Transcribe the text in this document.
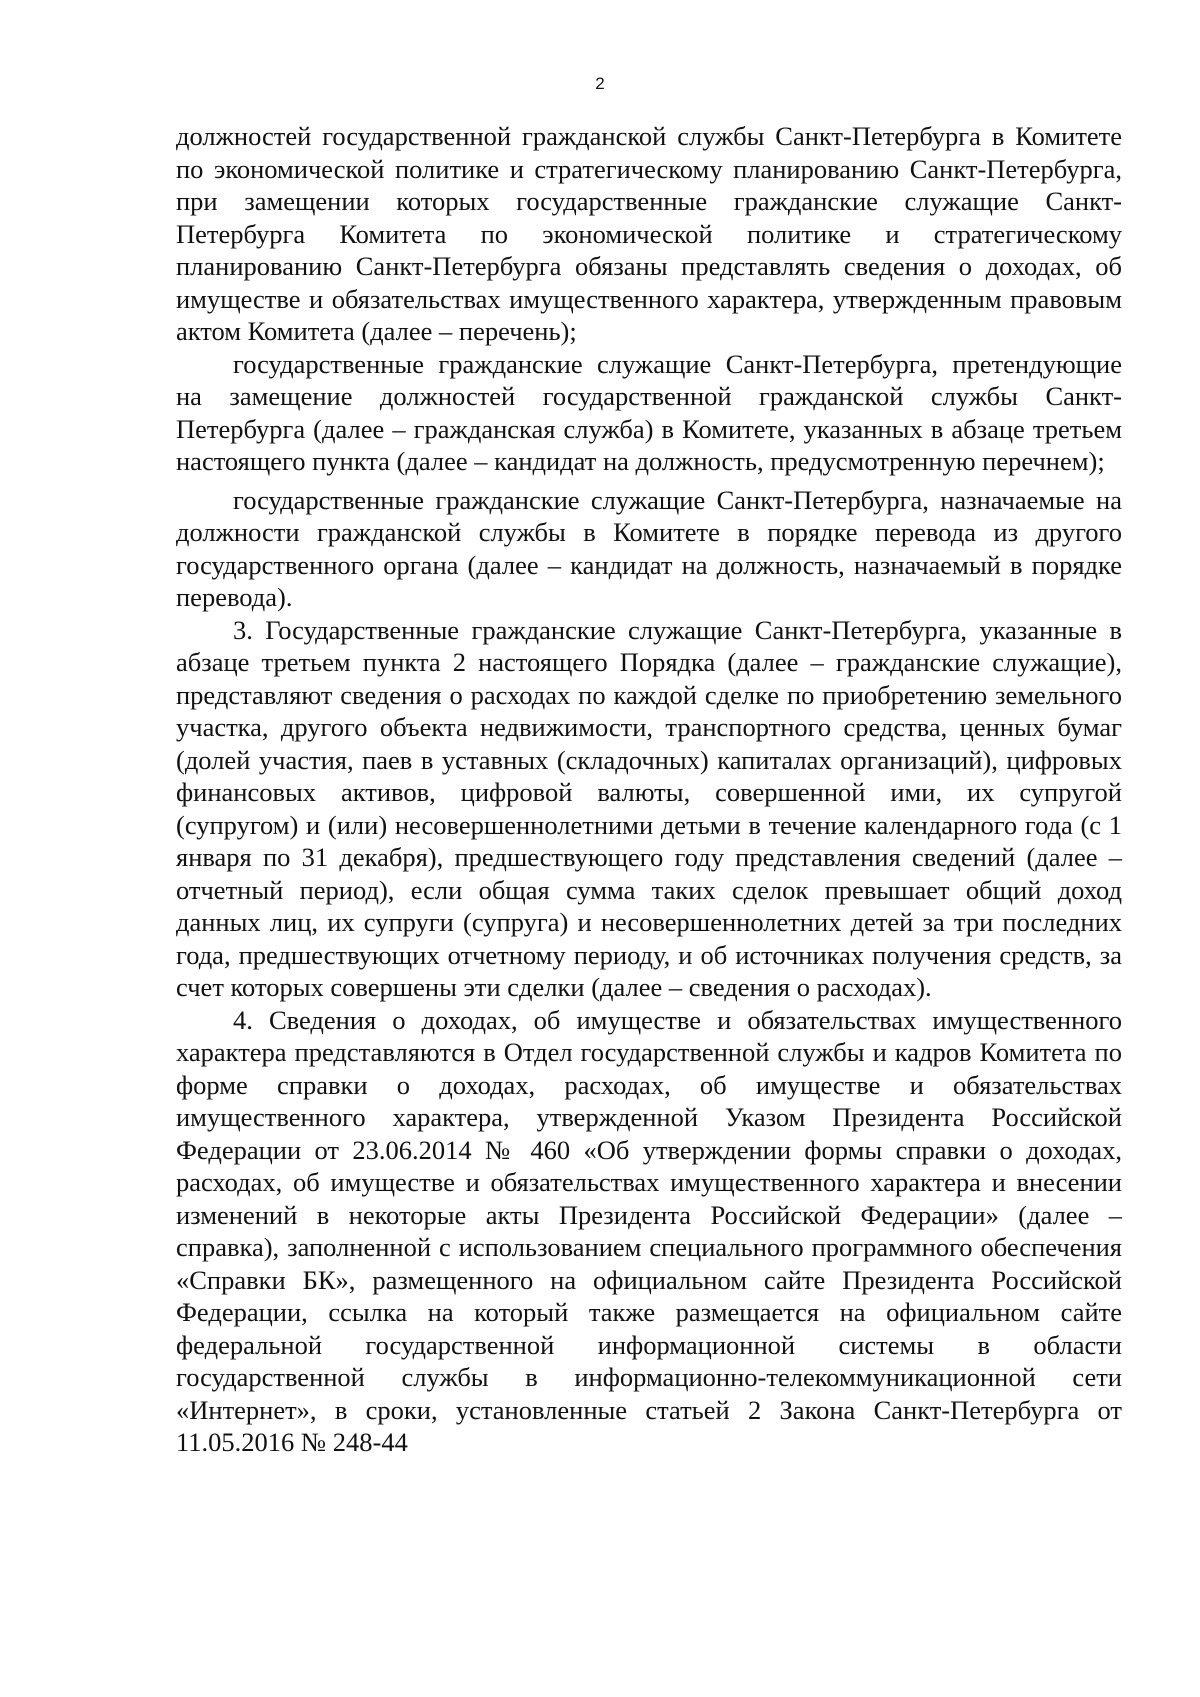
2

должностей государственной гражданской службы Санкт-Петербурга в Комитете по экономической политике и стратегическому планированию Санкт-Петербурга, при замещении которых государственные гражданские служащие Санкт-Петербурга Комитета по экономической политике и стратегическому планированию Санкт-Петербурга обязаны представлять сведения о доходах, об имуществе и обязательствах имущественного характера, утвержденным правовым актом Комитета (далее – перечень);

государственные гражданские служащие Санкт-Петербурга, претендующие на замещение должностей государственной гражданской службы Санкт-Петербурга (далее – гражданская служба) в Комитете, указанных в абзаце третьем настоящего пункта (далее – кандидат на должность, предусмотренную перечнем);

государственные гражданские служащие Санкт-Петербурга, назначаемые на должности гражданской службы в Комитете в порядке перевода из другого государственного органа (далее – кандидат на должность, назначаемый в порядке перевода).

3. Государственные гражданские служащие Санкт-Петербурга, указанные в абзаце третьем пункта 2 настоящего Порядка (далее – гражданские служащие), представляют сведения о расходах по каждой сделке по приобретению земельного участка, другого объекта недвижимости, транспортного средства, ценных бумаг (долей участия, паев в уставных (складочных) капиталах организаций), цифровых финансовых активов, цифровой валюты, совершенной ими, их супругой (супругом) и (или) несовершеннолетними детьми в течение календарного года (с 1 января по 31 декабря), предшествующего году представления сведений (далее – отчетный период), если общая сумма таких сделок превышает общий доход данных лиц, их супруги (супруга) и несовершеннолетних детей за три последних года, предшествующих отчетному периоду, и об источниках получения средств, за счет которых совершены эти сделки (далее – сведения о расходах).

4. Сведения о доходах, об имуществе и обязательствах имущественного характера представляются в Отдел государственной службы и кадров Комитета по форме справки о доходах, расходах, об имуществе и обязательствах имущественного характера, утвержденной Указом Президента Российской Федерации от 23.06.2014 № 460 «Об утверждении формы справки о доходах, расходах, об имуществе и обязательствах имущественного характера и внесении изменений в некоторые акты Президента Российской Федерации» (далее – справка), заполненной с использованием специального программного обеспечения «Справки БК», размещенного на официальном сайте Президента Российской Федерации, ссылка на который также размещается на официальном сайте федеральной государственной информационной системы в области государственной службы в информационно-телекоммуникационной сети «Интернет», в сроки, установленные статьей 2 Закона Санкт-Петербурга от 11.05.2016 № 248-44
